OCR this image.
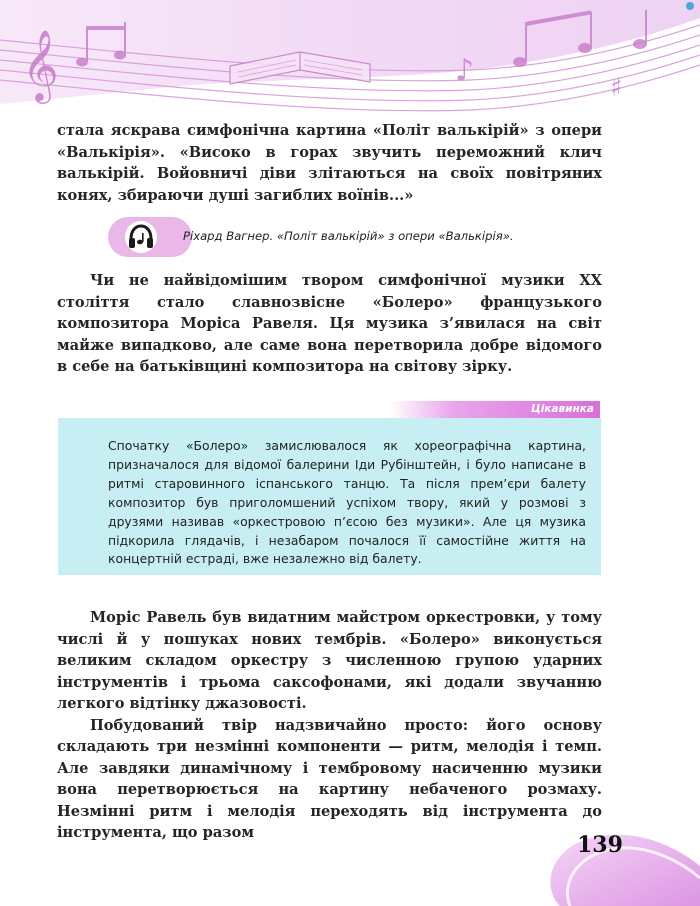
𝄞	♪	♯

стала яскрава симфонічна картина «Політ валькірій» з опери «Валькірія». «Високо в горах звучить переможний клич валькірій. Войовничі діви злітаються на своїх повітряних конях, збираючи душі загиблих воїнів...»

Ріхард Вагнер. «Політ валькірій» з опери «Валькірія».

Чи не найвідомішим твором симфонічної музики XX століття стало славнозвісне «Болеро» французького композитора Моріса Равеля. Ця музика з’явилася на світ майже випадково, але саме вона перетворила добре відомого в себе на батьківщині композитора на світову зірку.

Цікавинка
Спочатку «Болеро» замислювалося як хореографічна картина, призначалося для відомої балерини Іди Рубінштейн, і було написане в ритмі старовинного іспанського танцю. Та після прем’єри балету композитор був приголомшений успіхом твору, який у розмові з друзями називав «оркестровою п’єсою без музики». Але ця музика підкорила глядачів, і незабаром почалося її самостійне життя на концертній естраді, вже незалежно від балету.

Моріс Равель був видатним майстром оркестровки, у тому числі й у пошуках нових тембрів. «Болеро» виконується великим складом оркестру з численною групою ударних інструментів і трьома саксофонами, які додали звучанню легкого відтінку джазовості.

Побудований твір надзвичайно просто: його основу складають три незмінні компоненти — ритм, мелодія і темп. Але завдяки динамічному і тембровому насиченню музики вона перетворюється на картину небаченого розмаху. Незмінні ритм і мелодія переходять від інструмента до інструмента, що разом	139
